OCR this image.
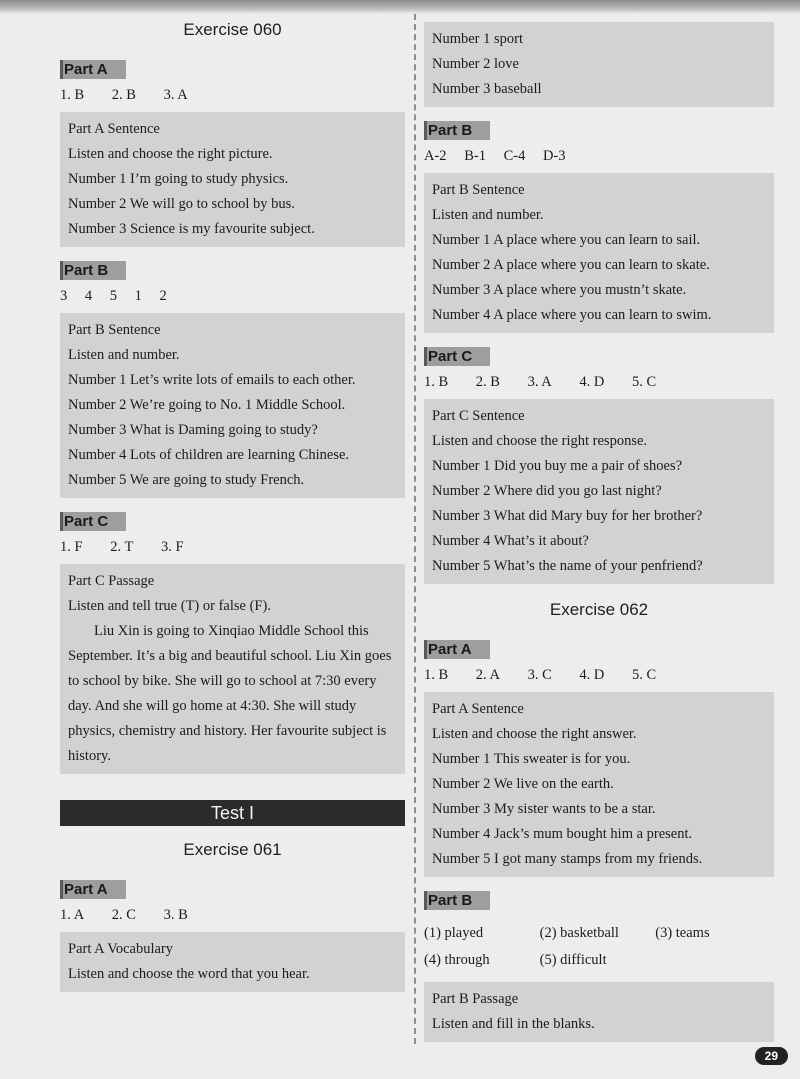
Exercise 060
Part A
1. B 2. B 3. A
Part A Sentence
Listen and choose the right picture.
Number 1 I’m going to study physics.
Number 2 We will go to school by bus.
Number 3 Science is my favourite subject.
Part B
3 4 5 1 2
Part B Sentence
Listen and number.
Number 1 Let’s write lots of emails to each other.
Number 2 We’re going to No. 1 Middle School.
Number 3 What is Daming going to study?
Number 4 Lots of children are learning Chinese.
Number 5 We are going to study French.
Part C
1. F 2. T 3. F
Part C Passage
Listen and tell true (T) or false (F).
Liu Xin is going to Xinqiao Middle School this September. It’s a big and beautiful school. Liu Xin goes to school by bike. She will go to school at 7:30 every day. And she will go home at 4:30. She will study physics, chemistry and history. Her favourite subject is history.
Test I
Exercise 061
Part A
1. A 2. C 3. B
Part A Vocabulary
Listen and choose the word that you hear.
Number 1 sport
Number 2 love
Number 3 baseball
Part B
A-2 B-1 C-4 D-3
Part B Sentence
Listen and number.
Number 1 A place where you can learn to sail.
Number 2 A place where you can learn to skate.
Number 3 A place where you mustn’t skate.
Number 4 A place where you can learn to swim.
Part C
1. B 2. B 3. A 4. D 5. C
Part C Sentence
Listen and choose the right response.
Number 1 Did you buy me a pair of shoes?
Number 2 Where did you go last night?
Number 3 What did Mary buy for her brother?
Number 4 What’s it about?
Number 5 What’s the name of your penfriend?
Exercise 062
Part A
1. B 2. A 3. C 4. D 5. C
Part A Sentence
Listen and choose the right answer.
Number 1 This sweater is for you.
Number 2 We live on the earth.
Number 3 My sister wants to be a star.
Number 4 Jack’s mum bought him a present.
Number 5 I got many stamps from my friends.
Part B
(1) played	(2) basketball	(3) teams
(4) through	(5) difficult
Part B Passage
Listen and fill in the blanks.
29
